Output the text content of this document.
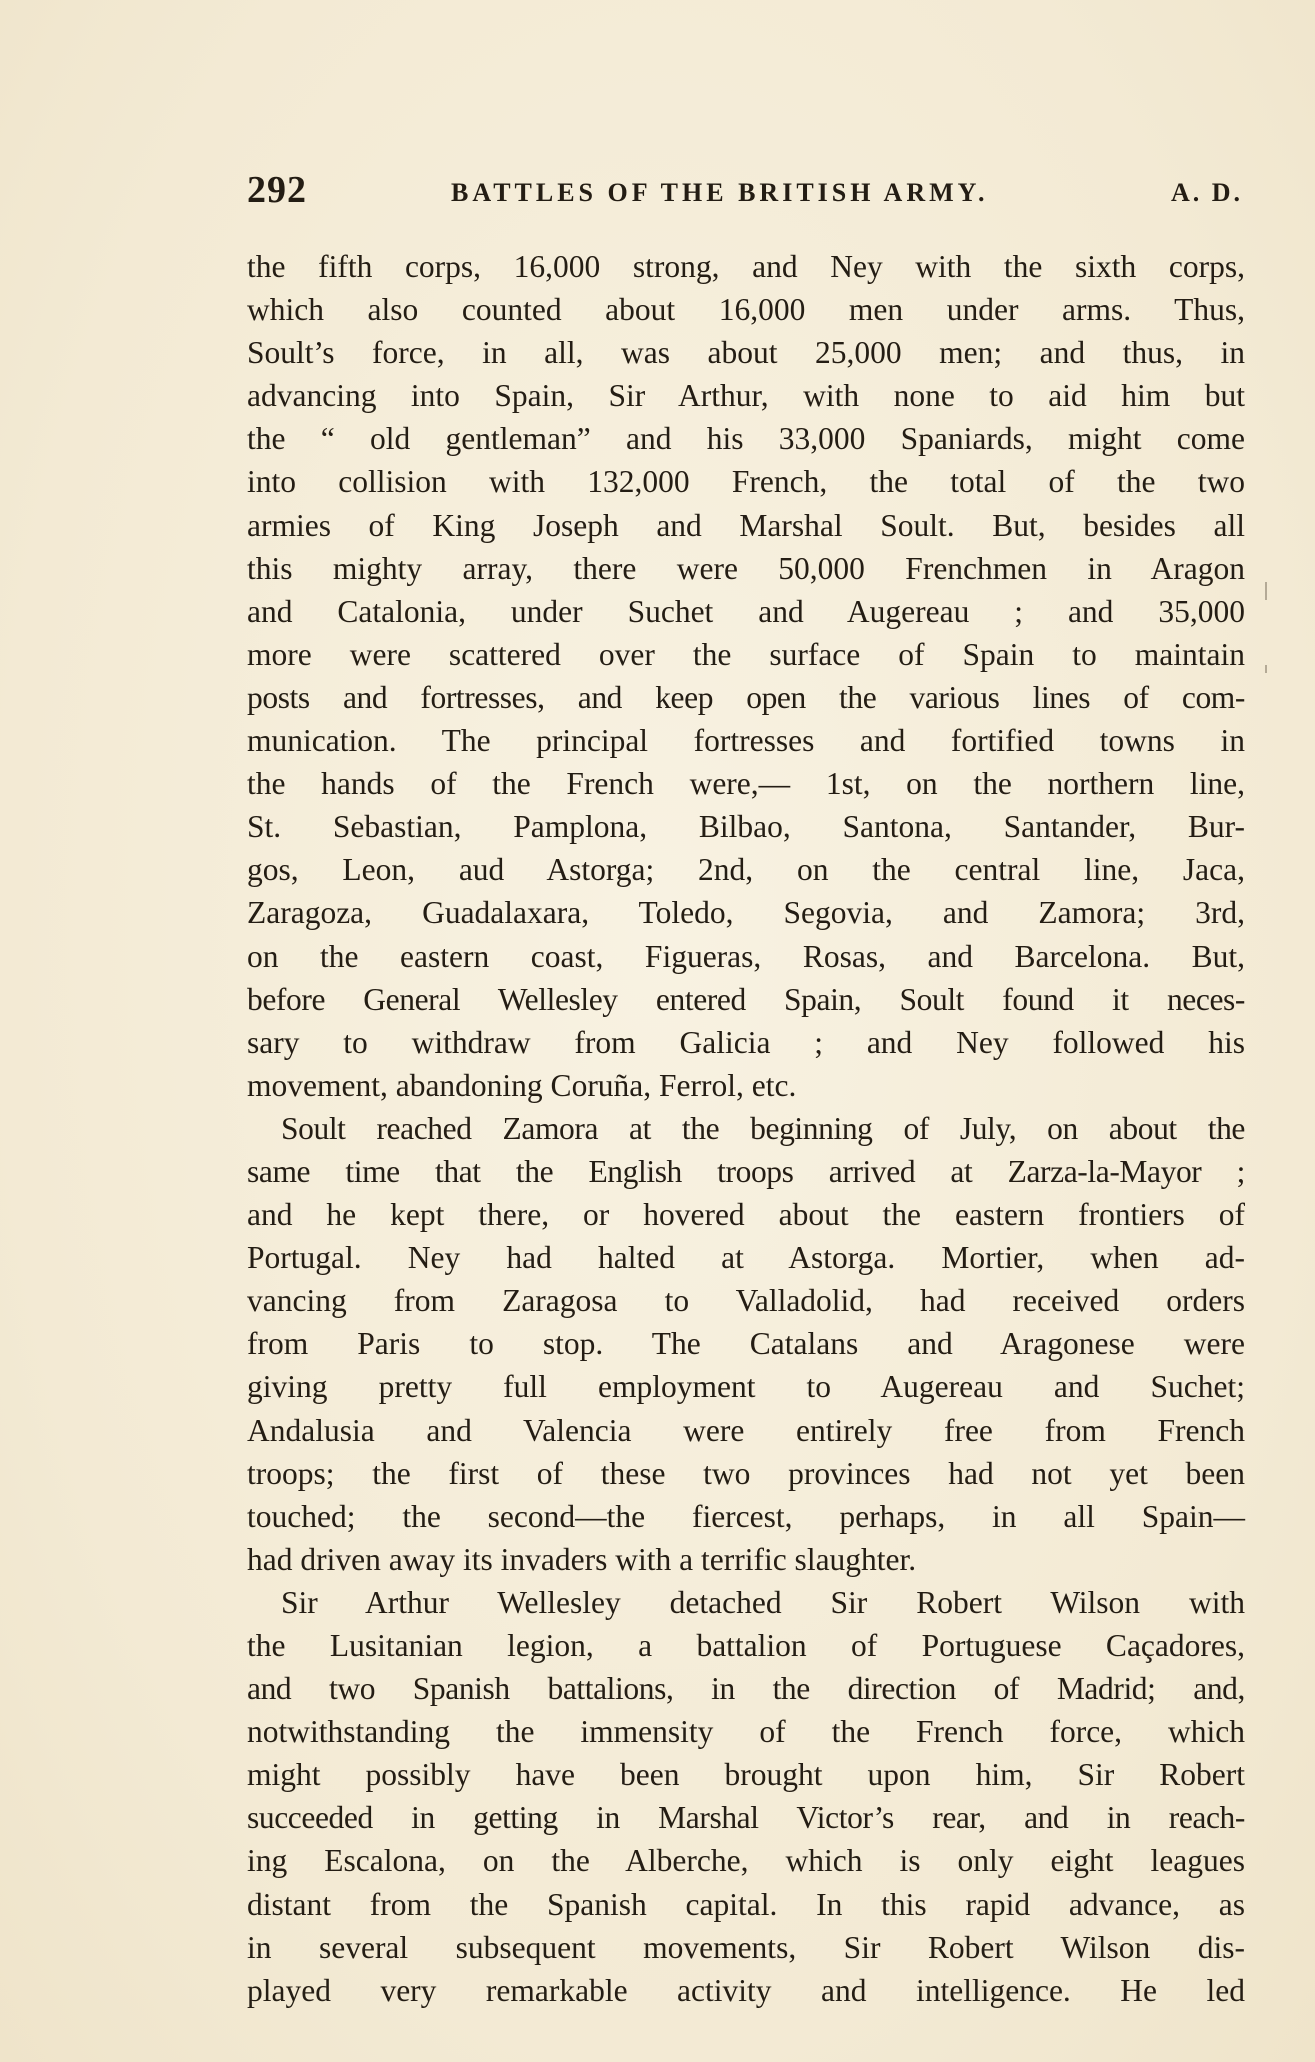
292	BATTLES OF THE BRITISH ARMY.	A. D.
the fifth corps, 16,000 strong, and Ney with the sixth corps,
which also counted about 16,000 men under arms. Thus,
Soult’s force, in all, was about 25,000 men; and thus, in
advancing into Spain, Sir Arthur, with none to aid him but
the “ old gentleman” and his 33,000 Spaniards, might come
into collision with 132,000 French, the total of the two
armies of King Joseph and Marshal Soult. But, besides all
this mighty array, there were 50,000 Frenchmen in Aragon
and Catalonia, under Suchet and Augereau ; and 35,000
more were scattered over the surface of Spain to maintain
posts and fortresses, and keep open the various lines of com-
munication. The principal fortresses and fortified towns in
the hands of the French were,— 1st, on the northern line,
St. Sebastian, Pamplona, Bilbao, Santona, Santander, Bur-
gos, Leon, aud Astorga; 2nd, on the central line, Jaca,
Zaragoza, Guadalaxara, Toledo, Segovia, and Zamora; 3rd,
on the eastern coast, Figueras, Rosas, and Barcelona. But,
before General Wellesley entered Spain, Soult found it neces-
sary to withdraw from Galicia ; and Ney followed his
movement, abandoning Coruña, Ferrol, etc.
Soult reached Zamora at the beginning of July, on about the
same time that the English troops arrived at Zarza-la-Mayor ;
and he kept there, or hovered about the eastern frontiers of
Portugal. Ney had halted at Astorga. Mortier, when ad-
vancing from Zaragosa to Valladolid, had received orders
from Paris to stop. The Catalans and Aragonese were
giving pretty full employment to Augereau and Suchet;
Andalusia and Valencia were entirely free from French
troops; the first of these two provinces had not yet been
touched; the second—the fiercest, perhaps, in all Spain—
had driven away its invaders with a terrific slaughter.
Sir Arthur Wellesley detached Sir Robert Wilson with
the Lusitanian legion, a battalion of Portuguese Caçadores,
and two Spanish battalions, in the direction of Madrid; and,
notwithstanding the immensity of the French force, which
might possibly have been brought upon him, Sir Robert
succeeded in getting in Marshal Victor’s rear, and in reach-
ing Escalona, on the Alberche, which is only eight leagues
distant from the Spanish capital. In this rapid advance, as
in several subsequent movements, Sir Robert Wilson dis-
played very remarkable activity and intelligence. He led
